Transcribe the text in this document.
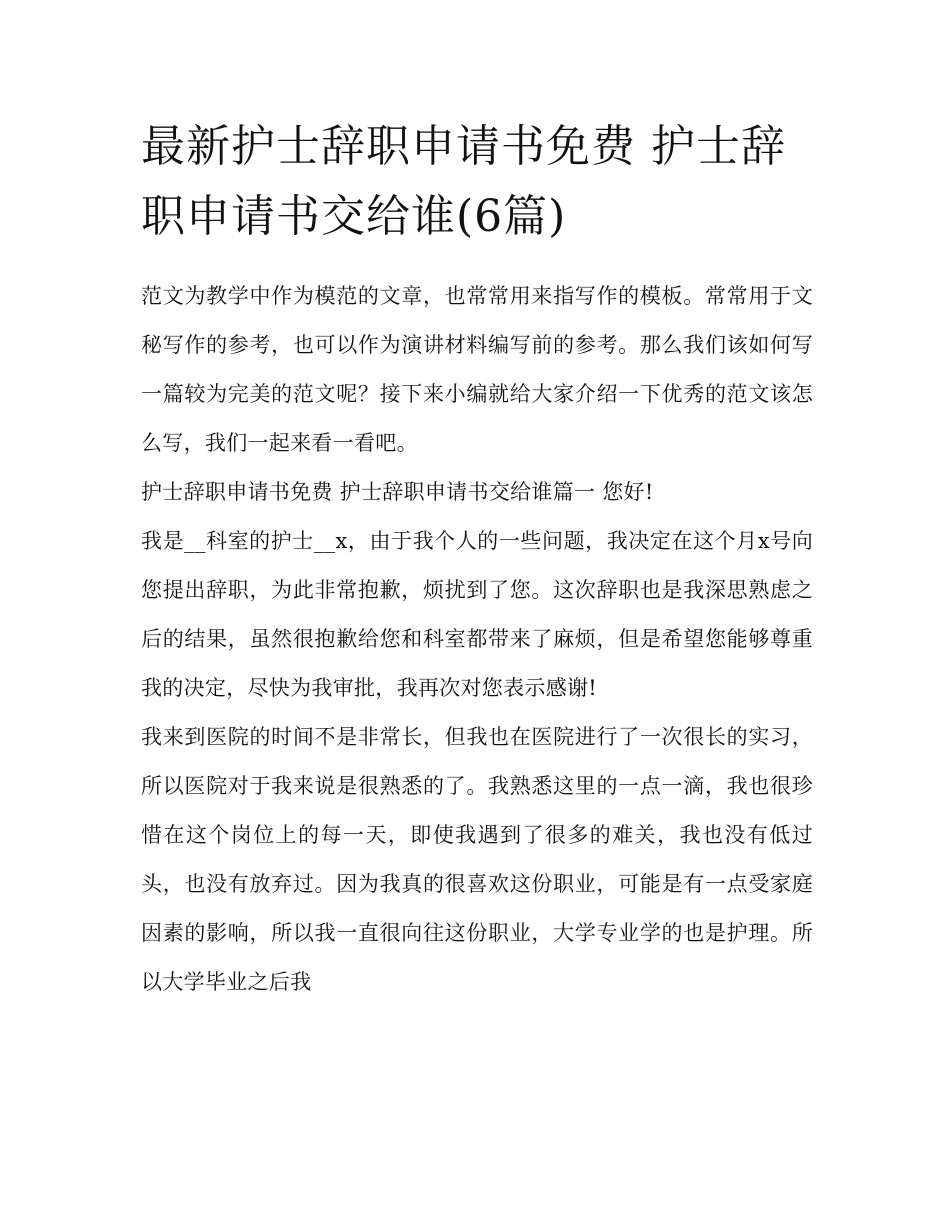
最新护士辞职申请书免费 护士辞职申请书交给谁(6篇)

范文为教学中作为模范的文章，也常常用来指写作的模板。常常用于文秘写作的参考，也可以作为演讲材料编写前的参考。那么我们该如何写一篇较为完美的范文呢？接下来小编就给大家介绍一下优秀的范文该怎么写，我们一起来看一看吧。

护士辞职申请书免费 护士辞职申请书交给谁篇一 您好!

我是__科室的护士__x，由于我个人的一些问题，我决定在这个月x号向您提出辞职，为此非常抱歉，烦扰到了您。这次辞职也是我深思熟虑之后的结果，虽然很抱歉给您和科室都带来了麻烦，但是希望您能够尊重我的决定，尽快为我审批，我再次对您表示感谢!

我来到医院的时间不是非常长，但我也在医院进行了一次很长的实习，所以医院对于我来说是很熟悉的了。我熟悉这里的一点一滴，我也很珍惜在这个岗位上的每一天，即使我遇到了很多的难关，我也没有低过头，也没有放弃过。因为我真的很喜欢这份职业，可能是有一点受家庭因素的影响，所以我一直很向往这份职业，大学专业学的也是护理。所以大学毕业之后我
